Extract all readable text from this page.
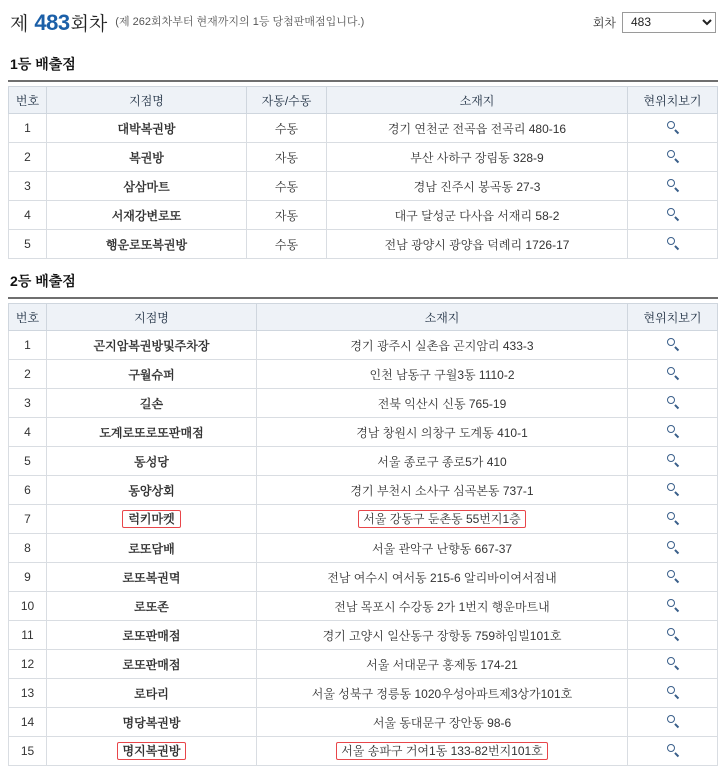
제 483 회차 (제 262회차부터 현재까지의 1등 당첨판매점입니다.)	회차
483
1등 배출점
번호	지점명	자동/수동	소재지	현위치보기
1	대박복권방	수동	경기 연천군 전곡읍 전곡리 480-16	

2	복권방	자동	부산 사하구 장림동 328-9	

3	삼삼마트	수동	경남 진주시 봉곡동 27-3	

4	서재강변로또	자동	대구 달성군 다사읍 서재리 58-2	

5	행운로또복권방	수동	전남 광양시 광양읍 덕례리 1726-17	
2등 배출점
번호	지점명	소재지	현위치보기
1	곤지암복권방및주차장	경기 광주시 실촌읍 곤지암리 433-3	

2	구월슈퍼	인천 남동구 구월3동 1110-2	

3	길손	전북 익산시 신동 765-19	

4	도계로또로또판매점	경남 창원시 의창구 도계동 410-1	

5	동성당	서울 종로구 종로5가 410	

6	동양상회	경기 부천시 소사구 심곡본동 737-1	

7	럭키마켓	서울 강동구 둔촌동 55번지1층	

8	로또담배	서울 관악구 난향동 667-37	

9	로또복권멱	전남 여수시 여서동 215-6 알리바이여서점내	

10	로또존	전남 목포시 수강동 2가 1번지 행운마트내	

11	로또판매점	경기 고양시 일산동구 장항동 759하임빌101호	

12	로또판매점	서울 서대문구 홍제동 174-21	

13	로타리	서울 성북구 정릉동 1020우성아파트제3상가101호	

14	명당복권방	서울 동대문구 장안동 98-6	

15	명지복권방	서울 송파구 거여1동 133-82번지101호	
